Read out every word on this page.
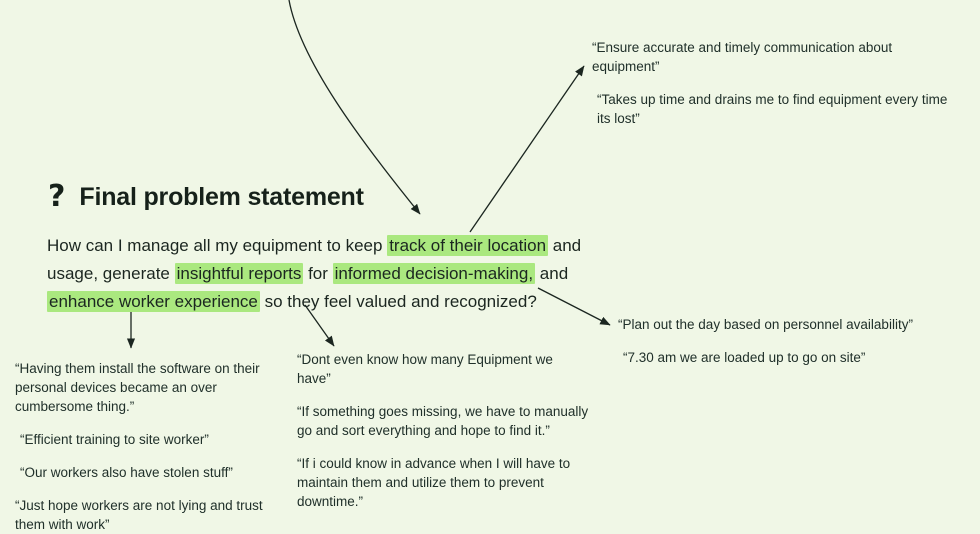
? Final problem statement
How can I manage all my equipment to keep track of their location and usage, generate insightful reports for informed decision-making, and enhance worker experience so they feel valued and recognized?

“Ensure accurate and timely communication about equipment”

“Takes up time and drains me to find equipment every time its lost”

“Plan out the day based on personnel availability”

“7.30 am we are loaded up to go on site”

“Dont even know how many Equipment we have”

“If something goes missing, we have to manually go and sort everything and hope to find it.”

“If i could know in advance when I will have to maintain them and utilize them to prevent downtime.”

“Having them install the software on their personal devices became an over cumbersome thing.”

“Efficient training to site worker”

“Our workers also have stolen stuff”

“Just hope workers are not lying and trust them with work”
